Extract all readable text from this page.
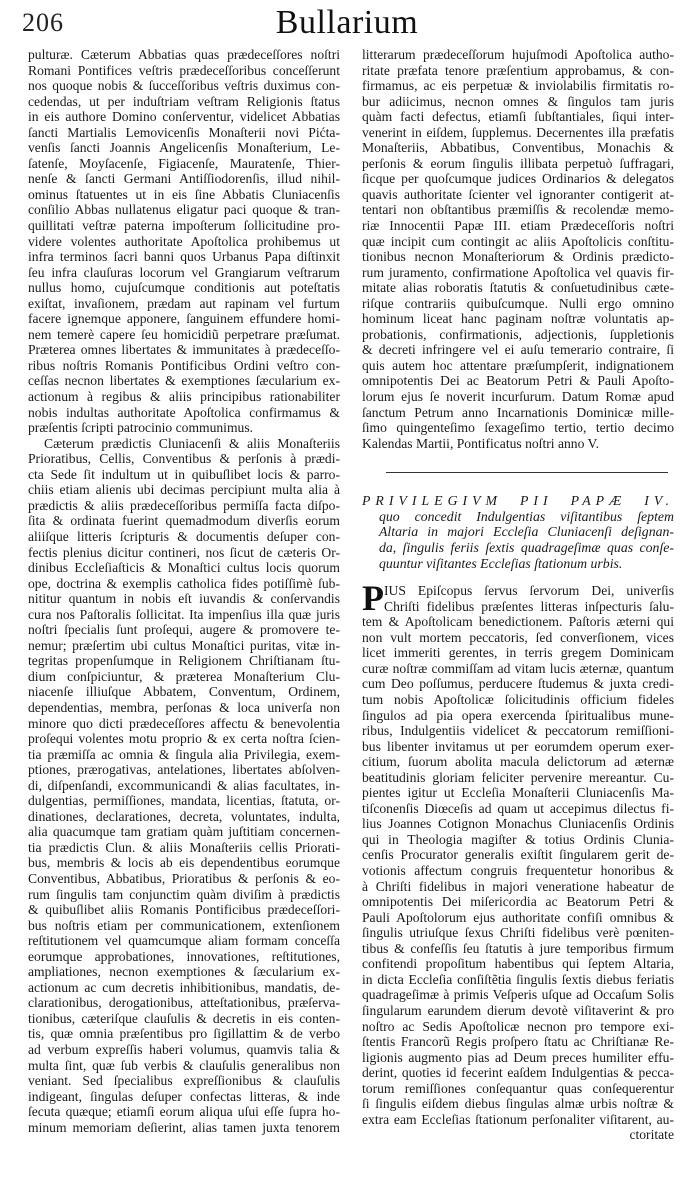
206	Bullarium
pulturæ. Cæterum Abbatias quas prædeceſſores noſtri
Romani Pontifices veſtris prædeceſſoribus conceſſerunt
nos quoque nobis & ſucceſſoribus veſtris duximus con-
cedendas, ut per induſtriam veſtram Religionis ſtatus
in eis authore Domino conſerventur, videlicet Abbatias
ſancti Martialis Lemovicenſis Monaſterii novi Pićta-
venſis ſancti Joannis Angelicenſis Monaſterium, Le-
ſatenſe, Moyſacenſe, Figiacenſe, Mauratenſe, Thier-
nenſe & ſancti Germani Antiſſiodorenſis, illud nihil-
ominus ſtatuentes ut in eis ſine Abbatis Cluniacenſis
conſilio Abbas nullatenus eligatur paci quoque & tran-
quillitati veſtræ paterna impoſterum ſollicitudine pro-
videre volentes authoritate Apoſtolica prohibemus ut
infra terminos ſacri banni quos Urbanus Papa diſtinxit
ſeu infra clauſuras locorum vel Grangiarum veſtrarum
nullus homo, cujuſcumque conditionis aut poteſtatis
exiſtat, invaſionem, prædam aut rapinam vel furtum
facere ignemque apponere, ſanguinem effundere homi-
nem temerè capere ſeu homicidiũ perpetrare præſumat.
Præterea omnes libertates & immunitates à prædeceſſo-
ribus noſtris Romanis Pontificibus Ordini veſtro con-
ceſſas necnon libertates & exemptiones ſæcularium ex-
actionum à regibus & aliis principibus rationabiliter
nobis indultas authoritate Apoſtolica confirmamus &
præſentis ſcripti patrocinio communimus.
Cæterum prædictis Cluniacenſi & aliis Monaſteriis
Prioratibus, Cellis, Conventibus & perſonis à prædi-
cta Sede ſit indultum ut in quibuſlibet locis & parro-
chiis etiam alienis ubi decimas percipiunt multa alia à
prædictis & aliis prædeceſſoribus permiſſa facta diſpo-
ſita & ordinata fuerint quemadmodum diverſis eorum
aliiſque litteris ſcripturis & documentis deſuper con-
fectis plenius dicitur contineri, nos ſicut de cæteris Or-
dinibus Eccleſiaſticis & Monaſtici cultus locis quorum
ope, doctrina & exemplis catholica fides potiſſimè ſub-
nititur quantum in nobis eſt iuvandis & conſervandis
cura nos Paſtoralis ſollicitat. Ita impenſius illa quæ juris
noſtri ſpecialis ſunt proſequi, augere & promovere te-
nemur; præſertim ubi cultus Monaſtici puritas, vitæ in-
tegritas propenſumque in Religionem Chriſtianam ſtu-
dium conſpiciuntur, & præterea Monaſterium Clu-
niacenſe illiuſque Abbatem, Conventum, Ordinem,
dependentias, membra, perſonas & loca univerſa non
minore quo dicti prædeceſſores affectu & benevolentia
proſequi volentes motu proprio & ex certa noſtra ſcien-
tia præmiſſa ac omnia & ſingula alia Privilegia, exem-
ptiones, prærogativas, antelationes, libertates abſolven-
di, diſpenſandi, excommunicandi & alias facultates, in-
dulgentias, permiſſiones, mandata, licentias, ſtatuta, or-
dinationes, declarationes, decreta, voluntates, indulta,
alia quacumque tam gratiam quàm juſtitiam concernen-
tia prædictis Clun. & aliis Monaſteriis cellis Priorati-
bus, membris & locis ab eis dependentibus eorumque
Conventibus, Abbatibus, Prioratibus & perſonis & eo-
rum ſingulis tam conjunctim quàm diviſim à prædictis
& quibuſlibet aliis Romanis Pontificibus prædeceſſori-
bus noſtris etiam per communicationem, extenſionem
reſtitutionem vel quamcumque aliam formam conceſſa
eorumque approbationes, innovationes, reſtitutiones,
ampliationes, necnon exemptiones & ſæcularium ex-
actionum ac cum decretis inhibitionibus, mandatis, de-
clarationibus, derogationibus, atteſtationibus, præſerva-
tionibus, cæteriſque clauſulis & decretis in eis conten-
tis, quæ omnia præſentibus pro ſigillattim & de verbo
ad verbum expreſſis haberi volumus, quamvis talia &
multa ſint, quæ ſub verbis & clauſulis generalibus non
veniant. Sed ſpecialibus expreſſionibus & clauſulis
indigeant, ſingulas deſuper confectas litteras, & inde
ſecuta quæque; etiamſi eorum aliqua uſui eſſe ſupra ho-
minum memoriam deſierint, alias tamen juxta tenorem
litterarum prædeceſſorum hujuſmodi Apoſtolica autho-
ritate præfata tenore præſentium approbamus, & con-
firmamus, ac eis perpetuæ & inviolabilis firmitatis ro-
bur adiicimus, necnon omnes & ſingulos tam juris
quàm facti defectus, etiamſi ſubſtantiales, ſiqui inter-
venerint in eiſdem, ſupplemus. Decernentes illa præfatis
Monaſteriis, Abbatibus, Conventibus, Monachis &
perſonis & eorum ſingulis illibata perpetuò ſuffragari,
ſicque per quoſcumque judices Ordinarios & delegatos
quavis authoritate ſcienter vel ignoranter contigerit at-
tentari non obſtantibus præmiſſis & recolendæ memo-
riæ Innocentii Papæ III. etiam Prædeceſſoris noſtri
quæ incipit cum contingit ac aliis Apoſtolicis conſtitu-
tionibus necnon Monaſteriorum & Ordinis prædicto-
rum juramento, confirmatione Apoſtolica vel quavis fir-
mitate alias roboratis ſtatutis & conſuetudinibus cæte-
riſque contrariis quibuſcumque. Nulli ergo omnino
hominum liceat hanc paginam noſtræ voluntatis ap-
probationis, confirmationis, adjectionis, ſuppletionis
& decreti infringere vel ei auſu temerario contraire, ſi
quis autem hoc attentare præſumpſerit, indignationem
omnipotentis Dei ac Beatorum Petri & Pauli Apoſto-
lorum ejus ſe noverit incurſurum. Datum Romæ apud
ſanctum Petrum anno Incarnationis Dominicæ mille-
ſimo quingenteſimo ſexageſimo tertio, tertio decimo
Kalendas Martii, Pontificatus noſtri anno V.
PRIVILEGIVM PII PAPÆ IV.
quo concedit Indulgentias viſitantibus ſeptem
Altaria in majori Eccleſia Cluniacenſi deſignan-
da, ſingulis feriis ſextis quadrageſimæ quas conſe-
quuntur viſitantes Eccleſias ſtationum urbis.
P IUS Epiſcopus ſervus ſervorum Dei, univerſis
Chriſti fidelibus præſentes litteras inſpecturis ſalu-
tem & Apoſtolicam benedictionem. Paſtoris æterni qui
non vult mortem peccatoris, ſed converſionem, vices
licet immeriti gerentes, in terris gregem Dominicam
curæ noſtræ commiſſam ad vitam lucis æternæ, quantum
cum Deo poſſumus, perducere ſtudemus & juxta credi-
tum nobis Apoſtolicæ ſolicitudinis officium fideles
ſingulos ad pia opera exercenda ſpiritualibus mune-
ribus, Indulgentiis videlicet & peccatorum remiſſioni-
bus libenter invitamus ut per eorumdem operum exer-
citium, ſuorum abolita macula delictorum ad æternæ
beatitudinis gloriam feliciter pervenire mereantur. Cu-
pientes igitur ut Eccleſia Monaſterii Cluniacenſis Ma-
tiſconenſis Diœceſis ad quam ut accepimus dilectus fi-
lius Joannes Cotignon Monachus Cluniacenſis Ordinis
qui in Theologia magiſter & totius Ordinis Clunia-
cenſis Procurator generalis exiſtit ſingularem gerit de-
votionis affectum congruis frequentetur honoribus &
à Chriſti fidelibus in majori veneratione habeatur de
omnipotentis Dei miſericordia ac Beatorum Petri &
Pauli Apoſtolorum ejus authoritate confiſi omnibus &
ſingulis utriuſque ſexus Chriſti fidelibus verè pœniten-
tibus & confeſſis ſeu ſtatutis à jure temporibus firmum
confitendi propoſitum habentibus qui ſeptem Altaria,
in dicta Eccleſia conſiſtẽtia ſingulis ſextis diebus feriatis
quadrageſimæ à primis Veſperis uſque ad Occaſum Solis
ſingularum earundem dierum devotè viſitaverint & pro
noſtro ac Sedis Apoſtolicæ necnon pro tempore exi-
ſtentis Francorũ Regis proſpero ſtatu ac Chriſtianæ Re-
ligionis augmento pias ad Deum preces humiliter effu-
derint, quoties id fecerint eaſdem Indulgentias & pecca-
torum remiſſiones conſequantur quas conſequerentur
ſi ſingulis eiſdem diebus ſingulas almæ urbis noſtræ &
extra eam Eccleſias ſtationum perſonaliter viſitarent, au-
ctoritate
